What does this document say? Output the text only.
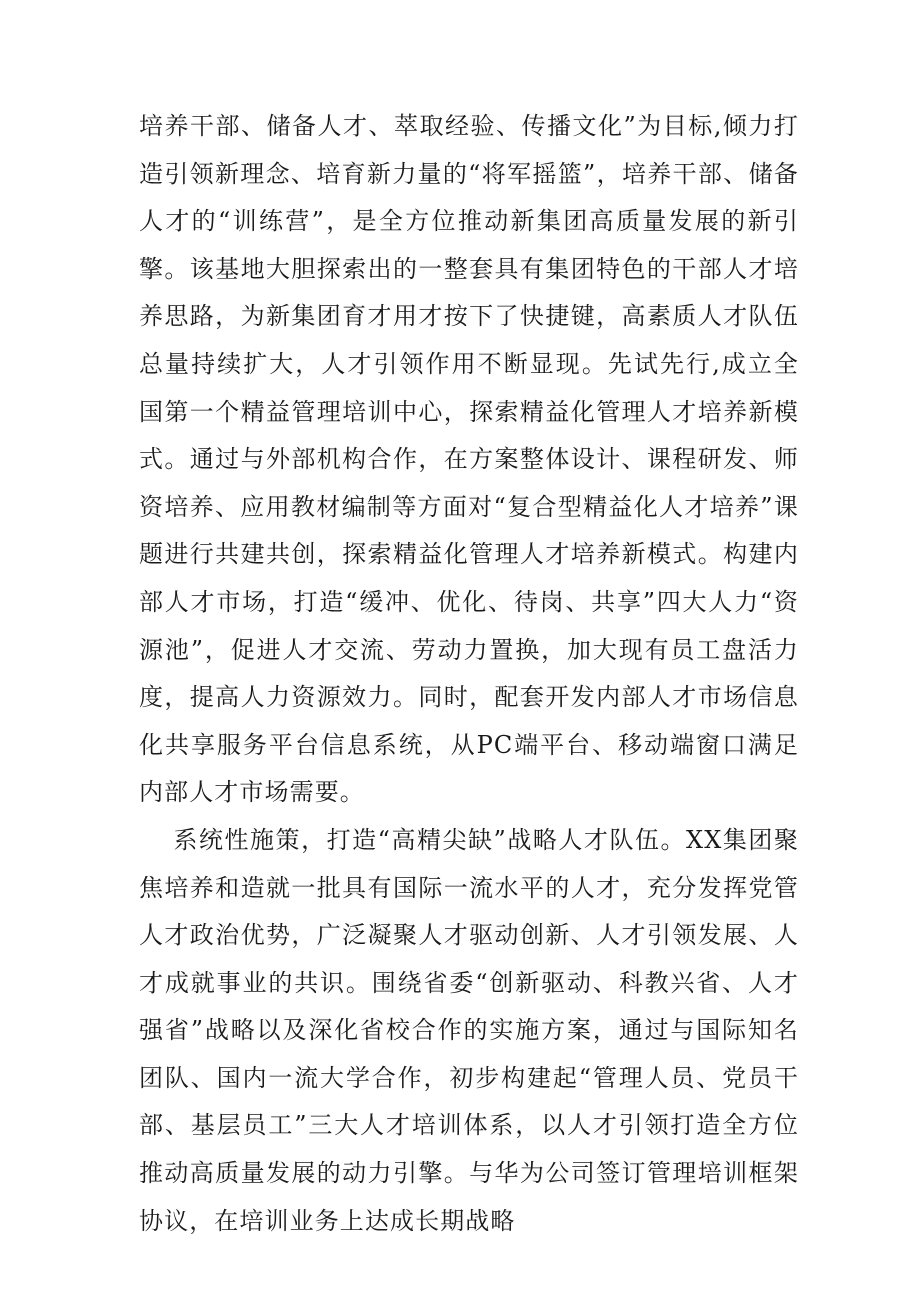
培养干部、储备人才、萃取经验、传播文化”为目标,倾力打造引领新理念、培育新力量的“将军摇篮”，培养干部、储备人才的“训练营”，是全方位推动新集团高质量发展的新引擎。该基地大胆探索出的一整套具有集团特色的干部人才培养思路，为新集团育才用才按下了快捷键，高素质人才队伍总量持续扩大，人才引领作用不断显现。先试先行,成立全国第一个精益管理培训中心，探索精益化管理人才培养新模式。通过与外部机构合作，在方案整体设计、课程研发、师资培养、应用教材编制等方面对“复合型精益化人才培养”课题进行共建共创，探索精益化管理人才培养新模式。构建内部人才市场，打造“缓冲、优化、待岗、共享”四大人力“资源池”，促进人才交流、劳动力置换，加大现有员工盘活力度，提高人力资源效力。同时，配套开发内部人才市场信息化共享服务平台信息系统，从PC端平台、移动端窗口满足内部人才市场需要。

系统性施策，打造“高精尖缺”战略人才队伍。XX集团聚焦培养和造就一批具有国际一流水平的人才，充分发挥党管人才政治优势，广泛凝聚人才驱动创新、人才引领发展、人才成就事业的共识。围绕省委“创新驱动、科教兴省、人才强省”战略以及深化省校合作的实施方案，通过与国际知名团队、国内一流大学合作，初步构建起“管理人员、党员干部、基层员工”三大人才培训体系，以人才引领打造全方位推动高质量发展的动力引擎。与华为公司签订管理培训框架协议，在培训业务上达成长期战略
